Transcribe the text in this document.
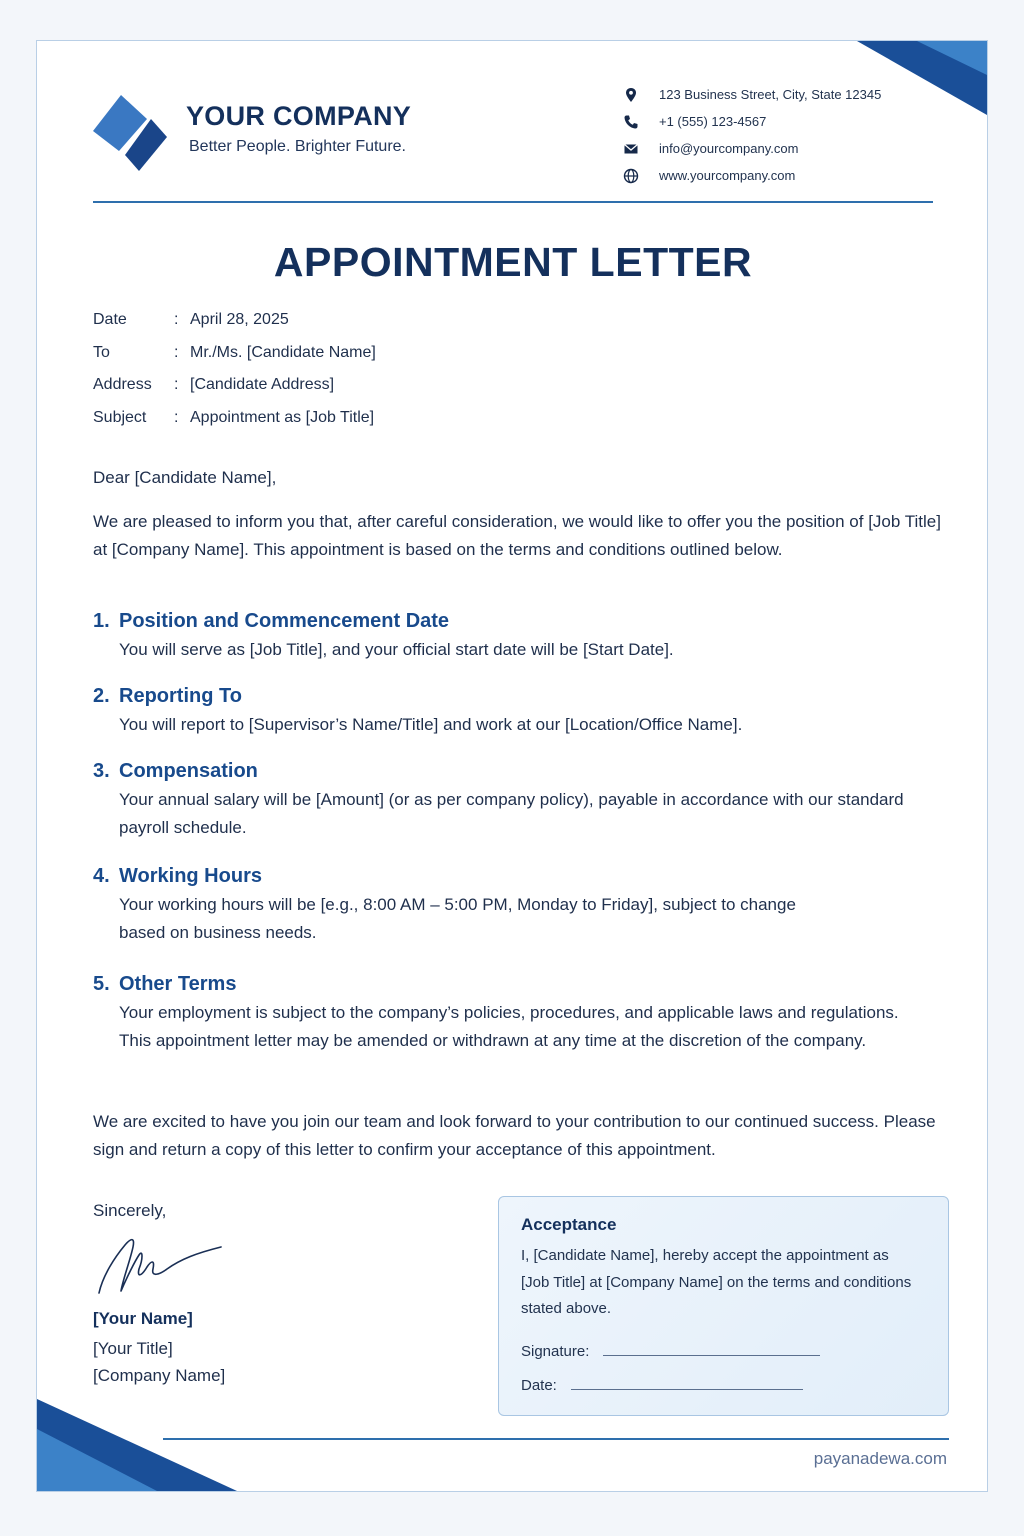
YOUR COMPANY
Better People. Brighter Future.
123 Business Street, City, State 12345
+1 (555) 123-4567
info@yourcompany.com
www.yourcompany.com
APPOINTMENT LETTER
Date	: April 28, 2025
To	: Mr./Ms. [Candidate Name]
Address	: [Candidate Address]
Subject	: Appointment as [Job Title]
Dear [Candidate Name],
We are pleased to inform you that, after careful consideration, we would like to offer you the position of [Job Title] at [Company Name]. This appointment is based on the terms and conditions outlined below.
1. Position and Commencement Date
You will serve as [Job Title], and your official start date will be [Start Date].
2. Reporting To
You will report to [Supervisor’s Name/Title] and work at our [Location/Office Name].
3. Compensation
Your annual salary will be [Amount] (or as per company policy), payable in accordance with our standard payroll schedule.
4. Working Hours
Your working hours will be [e.g., 8:00 AM – 5:00 PM, Monday to Friday], subject to change based on business needs.
5. Other Terms
Your employment is subject to the company’s policies, procedures, and applicable laws and regulations. This appointment letter may be amended or withdrawn at any time at the discretion of the company.
We are excited to have you join our team and look forward to your contribution to our continued success. Please sign and return a copy of this letter to confirm your acceptance of this appointment.
Sincerely,
[Your Name]
[Your Title]
[Company Name]
Acceptance
I, [Candidate Name], hereby accept the appointment as [Job Title] at [Company Name] on the terms and conditions stated above.
Signature:
Date:
payanadewa.com
